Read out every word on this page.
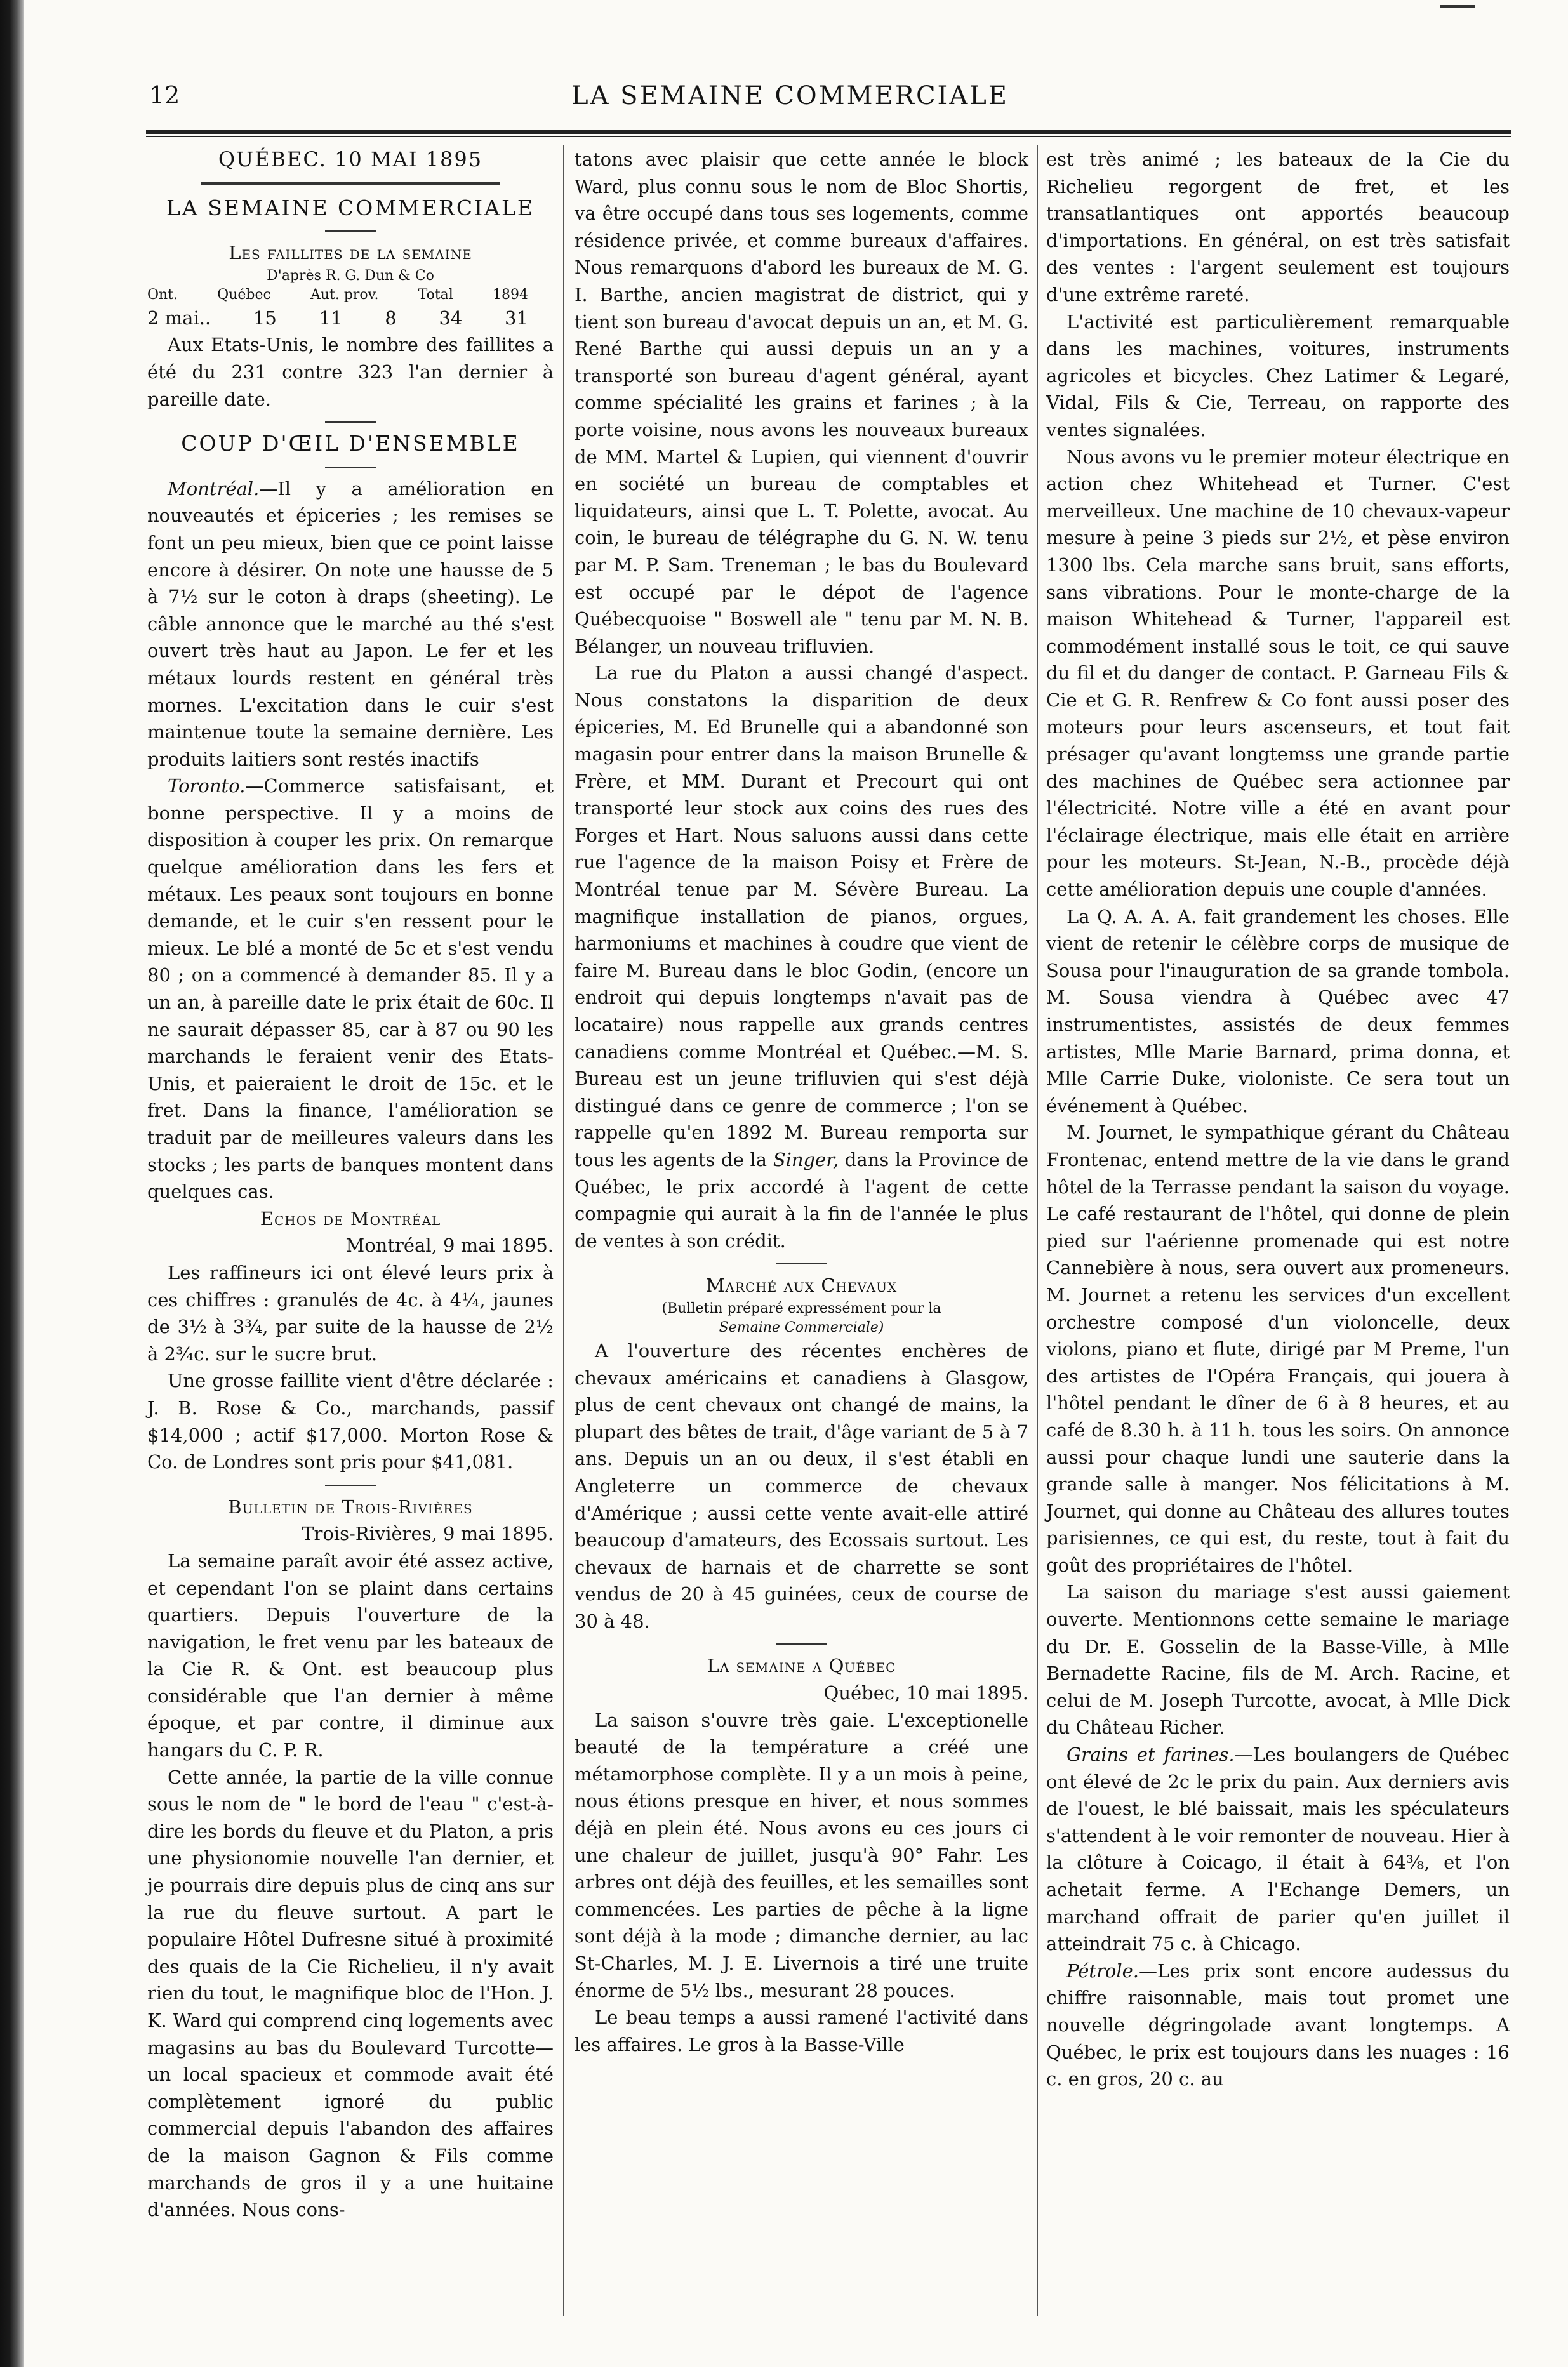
12	LA SEMAINE COMMERCIALE

QUÉBEC. 10 MAI 1895

LA SEMAINE COMMERCIALE

Les faillites de la semaine

D'après R. G. Dun & Co

Ont.	Québec	Aut. prov.	Total	1894
2 mai.. 15 11 8 34 31

Aux Etats-Unis, le nombre des faillites a été du 231 contre 323 l'an dernier à pareille date.

COUP D'ŒIL D'ENSEMBLE

Montréal.—Il y a amélioration en nouveautés et épiceries ; les remises se font un peu mieux, bien que ce point laisse encore à désirer. On note une hausse de 5 à 7½ sur le coton à draps (sheeting). Le câble annonce que le marché au thé s'est ouvert très haut au Japon. Le fer et les métaux lourds restent en général très mornes. L'excitation dans le cuir s'est maintenue toute la semaine dernière. Les produits laitiers sont restés inactifs

Toronto.—Commerce satisfaisant, et bonne perspective. Il y a moins de disposition à couper les prix. On remarque quelque amélioration dans les fers et métaux. Les peaux sont toujours en bonne demande, et le cuir s'en ressent pour le mieux. Le blé a monté de 5c et s'est vendu 80 ; on a commencé à demander 85. Il y a un an, à pareille date le prix était de 60c. Il ne saurait dépasser 85, car à 87 ou 90 les marchands le feraient venir des Etats-Unis, et paieraient le droit de 15c. et le fret. Dans la finance, l'amélioration se traduit par de meilleures valeurs dans les stocks ; les parts de banques montent dans quelques cas.

Echos de Montréal

Montréal, 9 mai 1895.

Les raffineurs ici ont élevé leurs prix à ces chiffres : granulés de 4c. à 4¼, jaunes de 3½ à 3¾, par suite de la hausse de 2½ à 2¾c. sur le sucre brut.

Une grosse faillite vient d'être déclarée : J. B. Rose & Co., marchands, passif $14,000 ; actif $17,000. Morton Rose & Co. de Londres sont pris pour $41,081.

Bulletin de Trois-Rivières

Trois-Rivières, 9 mai 1895.

La semaine paraît avoir été assez active, et cependant l'on se plaint dans certains quartiers. Depuis l'ouverture de la navigation, le fret venu par les bateaux de la Cie R. & Ont. est beaucoup plus considérable que l'an dernier à même époque, et par contre, il diminue aux hangars du C. P. R.

Cette année, la partie de la ville connue sous le nom de " le bord de l'eau " c'est-à-dire les bords du fleuve et du Platon, a pris une physionomie nouvelle l'an dernier, et je pourrais dire depuis plus de cinq ans sur la rue du fleuve surtout. A part le populaire Hôtel Dufresne situé à proximité des quais de la Cie Richelieu, il n'y avait rien du tout, le magnifique bloc de l'Hon. J. K. Ward qui comprend cinq logements avec magasins au bas du Boulevard Turcotte—un local spacieux et commode avait été complètement ignoré du public commercial depuis l'abandon des affaires de la maison Gagnon & Fils comme marchands de gros il y a une huitaine d'années. Nous cons-

tatons avec plaisir que cette année le block Ward, plus connu sous le nom de Bloc Shortis, va être occupé dans tous ses logements, comme résidence privée, et comme bureaux d'affaires. Nous remarquons d'abord les bureaux de M. G. I. Barthe, ancien magistrat de district, qui y tient son bureau d'avocat depuis un an, et M. G. René Barthe qui aussi depuis un an y a transporté son bureau d'agent général, ayant comme spécialité les grains et farines ; à la porte voisine, nous avons les nouveaux bureaux de MM. Martel & Lupien, qui viennent d'ouvrir en société un bureau de comptables et liquidateurs, ainsi que L. T. Polette, avocat. Au coin, le bureau de télégraphe du G. N. W. tenu par M. P. Sam. Treneman ; le bas du Boulevard est occupé par le dépot de l'agence Québecquoise " Boswell ale " tenu par M. N. B. Bélanger, un nouveau trifluvien.

La rue du Platon a aussi changé d'aspect. Nous constatons la disparition de deux épiceries, M. Ed Brunelle qui a abandonné son magasin pour entrer dans la maison Brunelle & Frère, et MM. Durant et Precourt qui ont transporté leur stock aux coins des rues des Forges et Hart. Nous saluons aussi dans cette rue l'agence de la maison Poisy et Frère de Montréal tenue par M. Sévère Bureau. La magnifique installation de pianos, orgues, harmoniums et machines à coudre que vient de faire M. Bureau dans le bloc Godin, (encore un endroit qui depuis longtemps n'avait pas de locataire) nous rappelle aux grands centres canadiens comme Montréal et Québec.—M. S. Bureau est un jeune trifluvien qui s'est déjà distingué dans ce genre de commerce ; l'on se rappelle qu'en 1892 M. Bureau remporta sur tous les agents de la Singer, dans la Province de Québec, le prix accordé à l'agent de cette compagnie qui aurait à la fin de l'année le plus de ventes à son crédit.

Marché aux Chevaux

(Bulletin préparé expressément pour la

Semaine Commerciale)

A l'ouverture des récentes enchères de chevaux américains et canadiens à Glasgow, plus de cent chevaux ont changé de mains, la plupart des bêtes de trait, d'âge variant de 5 à 7 ans. Depuis un an ou deux, il s'est établi en Angleterre un commerce de chevaux d'Amérique ; aussi cette vente avait-elle attiré beaucoup d'amateurs, des Ecossais surtout. Les chevaux de harnais et de charrette se sont vendus de 20 à 45 guinées, ceux de course de 30 à 48.

La semaine a Québec

Québec, 10 mai 1895.

La saison s'ouvre très gaie. L'exceptionelle beauté de la température a créé une métamorphose complète. Il y a un mois à peine, nous étions presque en hiver, et nous sommes déjà en plein été. Nous avons eu ces jours ci une chaleur de juillet, jusqu'à 90° Fahr. Les arbres ont déjà des feuilles, et les semailles sont commencées. Les parties de pêche à la ligne sont déjà à la mode ; dimanche dernier, au lac St-Charles, M. J. E. Livernois a tiré une truite énorme de 5½ lbs., mesurant 28 pouces.

Le beau temps a aussi ramené l'activité dans les affaires. Le gros à la Basse-Ville

est très animé ; les bateaux de la Cie du Richelieu regorgent de fret, et les transatlantiques ont apportés beaucoup d'importations. En général, on est très satisfait des ventes : l'argent seulement est toujours d'une extrême rareté.

L'activité est particulièrement remarquable dans les machines, voitures, instruments agricoles et bicycles. Chez Latimer & Legaré, Vidal, Fils & Cie, Terreau, on rapporte des ventes signalées.

Nous avons vu le premier moteur électrique en action chez Whitehead et Turner. C'est merveilleux. Une machine de 10 chevaux-vapeur mesure à peine 3 pieds sur 2½, et pèse environ 1300 lbs. Cela marche sans bruit, sans efforts, sans vibrations. Pour le monte-charge de la maison Whitehead & Turner, l'appareil est commodément installé sous le toit, ce qui sauve du fil et du danger de contact. P. Garneau Fils & Cie et G. R. Renfrew & Co font aussi poser des moteurs pour leurs ascenseurs, et tout fait présager qu'avant longtemss une grande partie des machines de Québec sera actionnee par l'électricité. Notre ville a été en avant pour l'éclairage électrique, mais elle était en arrière pour les moteurs. St-Jean, N.-B., procède déjà cette amélioration depuis une couple d'années.

La Q. A. A. A. fait grandement les choses. Elle vient de retenir le célèbre corps de musique de Sousa pour l'inauguration de sa grande tombola. M. Sousa viendra à Québec avec 47 instrumentistes, assistés de deux femmes artistes, Mlle Marie Barnard, prima donna, et Mlle Carrie Duke, violoniste. Ce sera tout un événement à Québec.

M. Journet, le sympathique gérant du Château Frontenac, entend mettre de la vie dans le grand hôtel de la Terrasse pendant la saison du voyage. Le café restaurant de l'hôtel, qui donne de plein pied sur l'aérienne promenade qui est notre Cannebière à nous, sera ouvert aux promeneurs. M. Journet a retenu les services d'un excellent orchestre composé d'un violoncelle, deux violons, piano et flute, dirigé par M Preme, l'un des artistes de l'Opéra Français, qui jouera à l'hôtel pendant le dîner de 6 à 8 heures, et au café de 8.30 h. à 11 h. tous les soirs. On annonce aussi pour chaque lundi une sauterie dans la grande salle à manger. Nos félicitations à M. Journet, qui donne au Château des allures toutes parisiennes, ce qui est, du reste, tout à fait du goût des propriétaires de l'hôtel.

La saison du mariage s'est aussi gaiement ouverte. Mentionnons cette semaine le mariage du Dr. E. Gosselin de la Basse-Ville, à Mlle Bernadette Racine, fils de M. Arch. Racine, et celui de M. Joseph Turcotte, avocat, à Mlle Dick du Château Richer.

Grains et farines.—Les boulangers de Québec ont élevé de 2c le prix du pain. Aux derniers avis de l'ouest, le blé baissait, mais les spéculateurs s'attendent à le voir remonter de nouveau. Hier à la clôture à Coicago, il était à 64⅜, et l'on achetait ferme. A l'Echange Demers, un marchand offrait de parier qu'en juillet il atteindrait 75 c. à Chicago.

Pétrole.—Les prix sont encore audessus du chiffre raisonnable, mais tout promet une nouvelle dégringolade avant longtemps. A Québec, le prix est toujours dans les nuages : 16 c. en gros, 20 c. au
